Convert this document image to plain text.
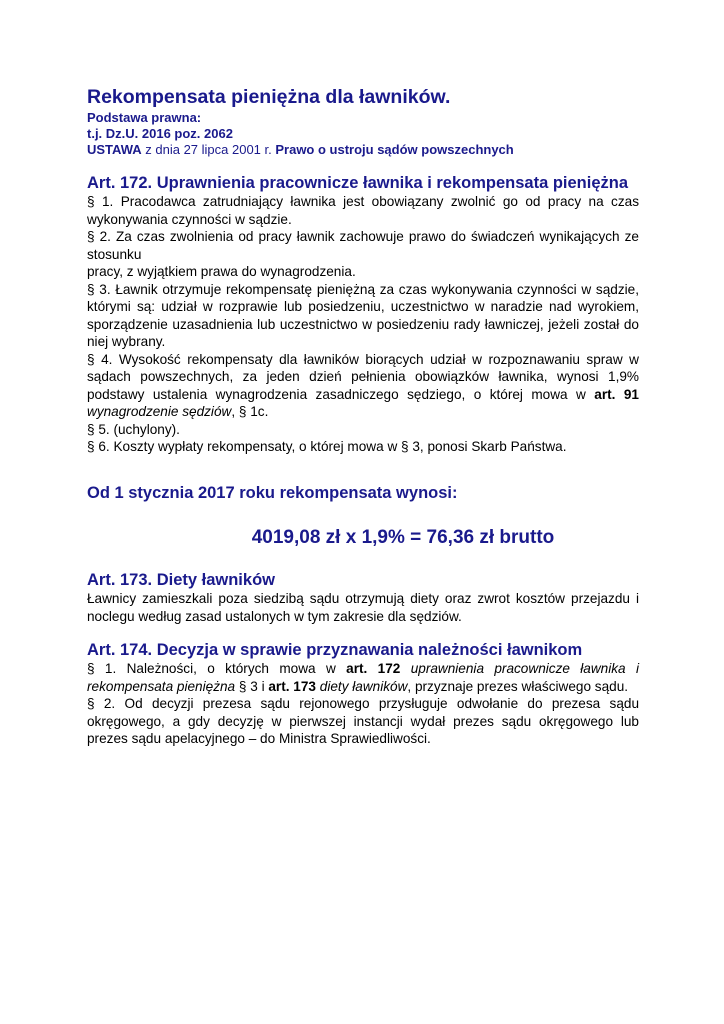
Rekompensata pieniężna dla ławników.
Podstawa prawna:
t.j. Dz.U. 2016 poz. 2062
USTAWA z dnia 27 lipca 2001 r. Prawo o ustroju sądów powszechnych
Art. 172. Uprawnienia pracownicze ławnika i rekompensata pieniężna

§ 1. Pracodawca zatrudniający ławnika jest obowiązany zwolnić go od pracy na czas wykonywania czynności w sądzie.

§ 2. Za czas zwolnienia od pracy ławnik zachowuje prawo do świadczeń wynikających ze stosunku

pracy, z wyjątkiem prawa do wynagrodzenia.

§ 3. Ławnik otrzymuje rekompensatę pieniężną za czas wykonywania czynności w sądzie, którymi są: udział w rozprawie lub posiedzeniu, uczestnictwo w naradzie nad wyrokiem, sporządzenie uzasadnienia lub uczestnictwo w posiedzeniu rady ławniczej, jeżeli został do niej wybrany.

§ 4. Wysokość rekompensaty dla ławników biorących udział w rozpoznawaniu spraw w sądach powszechnych, za jeden dzień pełnienia obowiązków ławnika, wynosi 1,9% podstawy ustalenia wynagrodzenia zasadniczego sędziego, o której mowa w art. 91 wynagrodzenie sędziów, § 1c.

§ 5. (uchylony).

§ 6. Koszty wypłaty rekompensaty, o której mowa w § 3, ponosi Skarb Państwa.

Od 1 stycznia 2017 roku rekompensata wynosi:
4019,08 zł x 1,9% = 76,36 zł brutto
Art. 173. Diety ławników

Ławnicy zamieszkali poza siedzibą sądu otrzymują diety oraz zwrot kosztów przejazdu i noclegu według zasad ustalonych w tym zakresie dla sędziów.

Art. 174. Decyzja w sprawie przyznawania należności ławnikom

§ 1. Należności, o których mowa w art. 172 uprawnienia pracownicze ławnika i rekompensata pieniężna § 3 i art. 173 diety ławników, przyznaje prezes właściwego sądu.

§ 2. Od decyzji prezesa sądu rejonowego przysługuje odwołanie do prezesa sądu okręgowego, a gdy decyzję w pierwszej instancji wydał prezes sądu okręgowego lub prezes sądu apelacyjnego – do Ministra Sprawiedliwości.
